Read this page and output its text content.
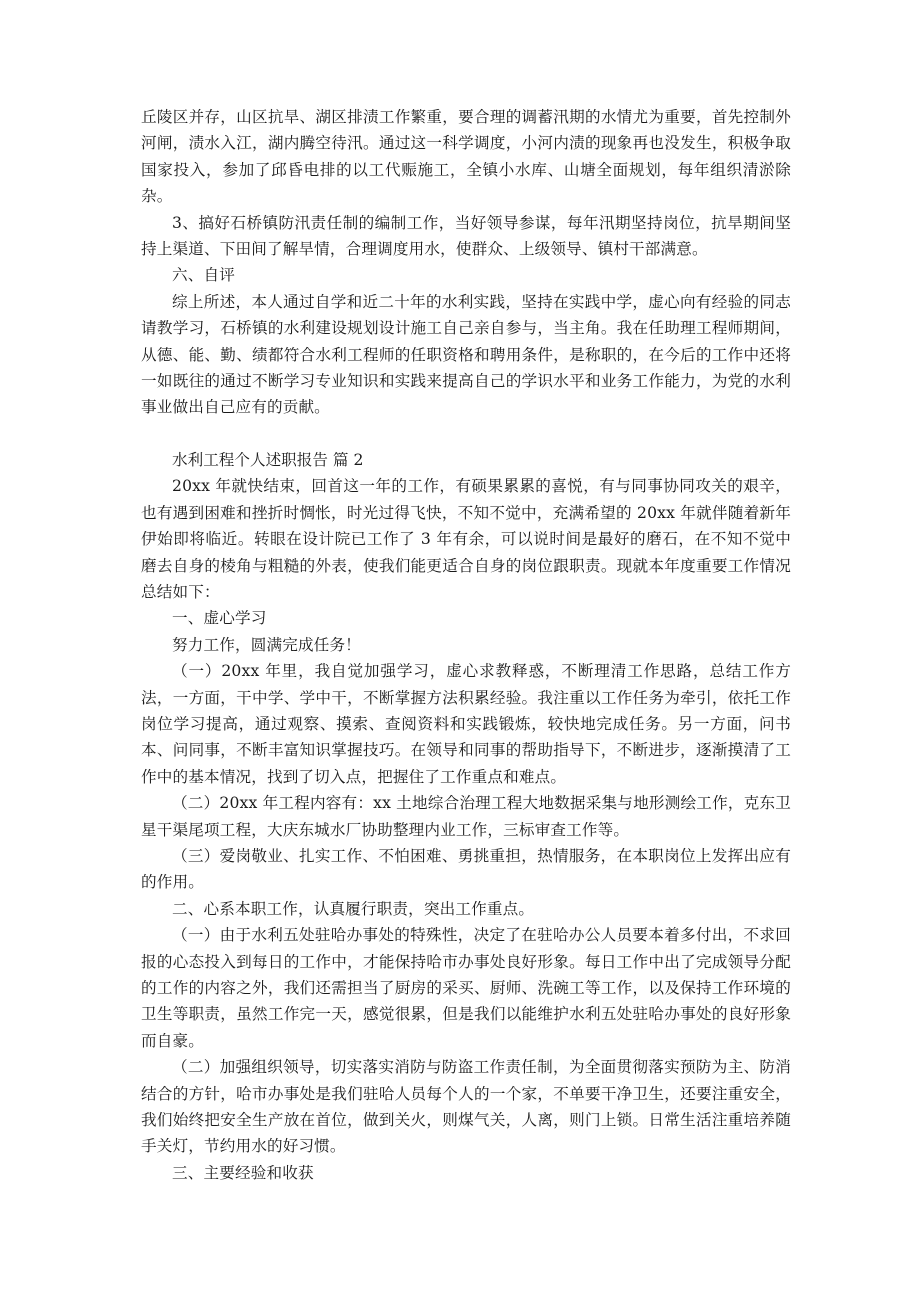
丘陵区并存，山区抗旱、湖区排渍工作繁重，要合理的调蓄汛期的水情尤为重要，首先控制外河闸，渍水入江，湖内腾空待汛。通过这一科学调度，小河内渍的现象再也没发生，积极争取国家投入，参加了邱昏电排的以工代赈施工，全镇小水库、山塘全面规划，每年组织清淤除杂。

3、搞好石桥镇防汛责任制的编制工作，当好领导参谋，每年汛期坚持岗位，抗旱期间坚持上渠道、下田间了解旱情，合理调度用水，使群众、上级领导、镇村干部满意。

六、自评

综上所述，本人通过自学和近二十年的水利实践，坚持在实践中学，虚心向有经验的同志请教学习，石桥镇的水利建设规划设计施工自己亲自参与，当主角。我在任助理工程师期间，从德、能、勤、绩都符合水利工程师的任职资格和聘用条件，是称职的，在今后的工作中还将一如既往的通过不断学习专业知识和实践来提高自己的学识水平和业务工作能力，为党的水利事业做出自己应有的贡献。

水利工程个人述职报告 篇 2

20xx 年就快结束，回首这一年的工作，有硕果累累的喜悦，有与同事协同攻关的艰辛，也有遇到困难和挫折时惆怅，时光过得飞快，不知不觉中，充满希望的 20xx 年就伴随着新年伊始即将临近。转眼在设计院已工作了 3 年有余，可以说时间是最好的磨石，在不知不觉中磨去自身的棱角与粗糙的外表，使我们能更适合自身的岗位跟职责。现就本年度重要工作情况总结如下：

一、虚心学习

努力工作，圆满完成任务！

（一）20xx 年里，我自觉加强学习，虚心求教释惑，不断理清工作思路，总结工作方法，一方面，干中学、学中干，不断掌握方法积累经验。我注重以工作任务为牵引，依托工作岗位学习提高，通过观察、摸索、查阅资料和实践锻炼，较快地完成任务。另一方面，问书本、问同事，不断丰富知识掌握技巧。在领导和同事的帮助指导下，不断进步，逐渐摸清了工作中的基本情况，找到了切入点，把握住了工作重点和难点。

（二）20xx 年工程内容有：xx 土地综合治理工程大地数据采集与地形测绘工作，克东卫星干渠尾项工程，大庆东城水厂协助整理内业工作，三标审查工作等。

（三）爱岗敬业、扎实工作、不怕困难、勇挑重担，热情服务，在本职岗位上发挥出应有的作用。

二、心系本职工作，认真履行职责，突出工作重点。

（一）由于水利五处驻哈办事处的特殊性，决定了在驻哈办公人员要本着多付出，不求回报的心态投入到每日的工作中，才能保持哈市办事处良好形象。每日工作中出了完成领导分配的工作的内容之外，我们还需担当了厨房的采买、厨师、洗碗工等工作，以及保持工作环境的卫生等职责，虽然工作完一天，感觉很累，但是我们以能维护水利五处驻哈办事处的良好形象而自豪。

（二）加强组织领导，切实落实消防与防盗工作责任制，为全面贯彻落实预防为主、防消结合的方针，哈市办事处是我们驻哈人员每个人的一个家，不单要干净卫生，还要注重安全，我们始终把安全生产放在首位，做到关火，则煤气关，人离，则门上锁。日常生活注重培养随手关灯，节约用水的好习惯。

三、主要经验和收获
